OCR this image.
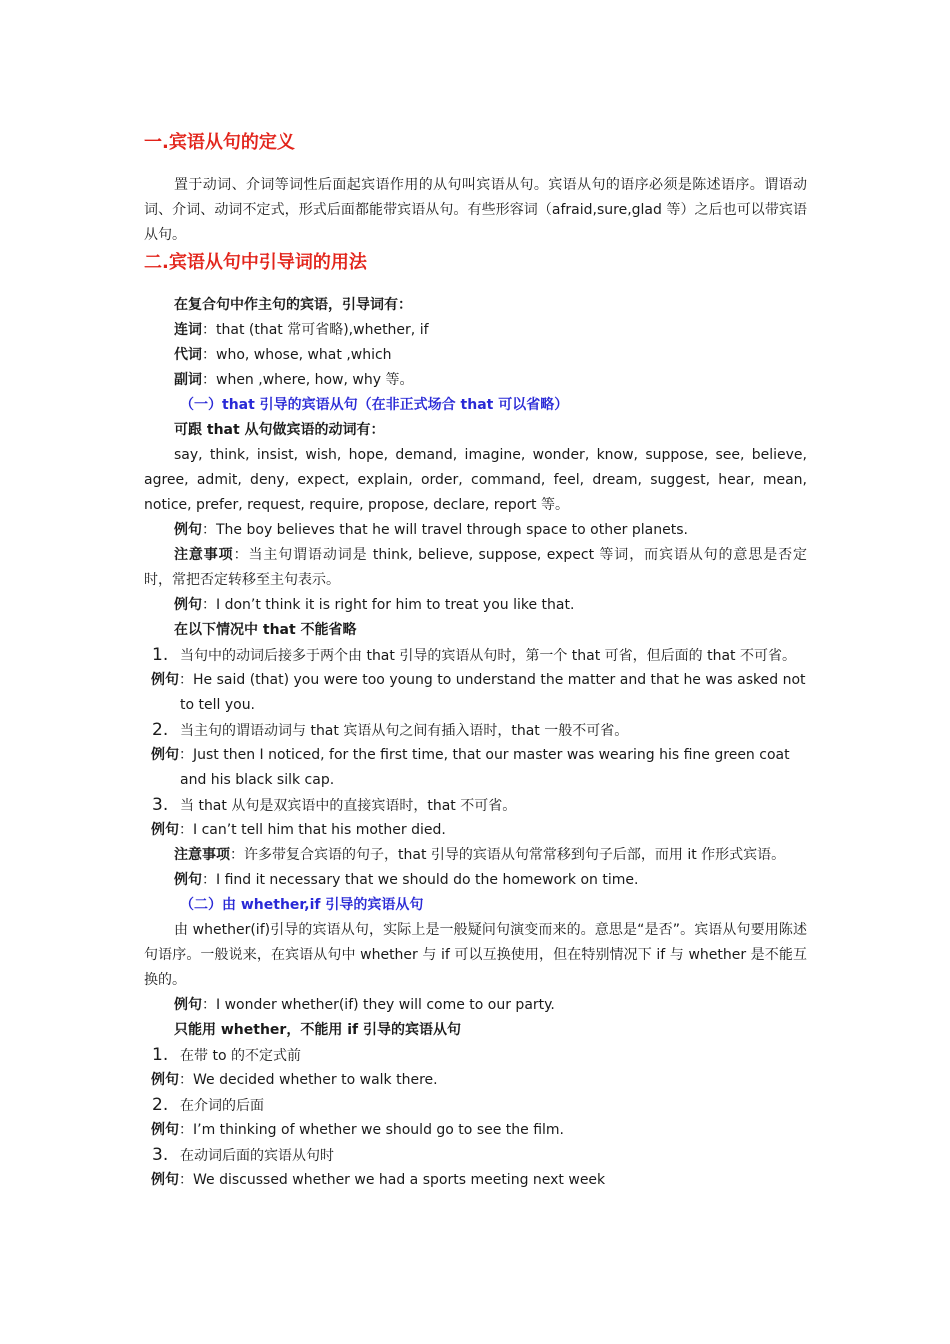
一.宾语从句的定义

置于动词、介词等词性后面起宾语作用的从句叫宾语从句。宾语从句的语序必须是陈述语序。谓语动词、介词、动词不定式，形式后面都能带宾语从句。有些形容词（afraid,sure,glad 等）之后也可以带宾语从句。

二.宾语从句中引导词的用法

在复合句中作主句的宾语，引导词有：

连词：that (that 常可省略),whether, if

代词：who, whose, what ,which

副词：when ,where, how, why 等。

（一）that 引导的宾语从句（在非正式场合 that 可以省略）

可跟 that 从句做宾语的动词有：

say, think, insist, wish, hope, demand, imagine, wonder, know, suppose, see, believe, agree, admit, deny, expect, explain, order, command, feel, dream, suggest, hear, mean, notice, prefer, request, require, propose, declare, report 等。

例句：The boy believes that he will travel through space to other planets.

注意事项：当主句谓语动词是 think, believe, suppose, expect 等词，而宾语从句的意思是否定时，常把否定转移至主句表示。

例句：I don’t think it is right for him to treat you like that.

在以下情况中 that 不能省略

1. 当句中的动词后接多于两个由 that 引导的宾语从句时，第一个 that 可省，但后面的 that 不可省。

例句：He said (that) you were too young to understand the matter and that he was asked not to tell you.

2. 当主句的谓语动词与 that 宾语从句之间有插入语时，that 一般不可省。

例句：Just then I noticed, for the first time, that our master was wearing his fine green coat and his black silk cap.

3. 当 that 从句是双宾语中的直接宾语时，that 不可省。

例句：I can’t tell him that his mother died.

注意事项：许多带复合宾语的句子，that 引导的宾语从句常常移到句子后部，而用 it 作形式宾语。

例句：I find it necessary that we should do the homework on time.

（二）由 whether,if 引导的宾语从句

由 whether(if)引导的宾语从句，实际上是一般疑问句演变而来的。意思是“是否”。宾语从句要用陈述句语序。一般说来，在宾语从句中 whether 与 if 可以互换使用，但在特别情况下 if 与 whether 是不能互换的。

例句：I wonder whether(if) they will come to our party.

只能用 whether，不能用 if 引导的宾语从句

1. 在带 to 的不定式前

例句：We decided whether to walk there.

2. 在介词的后面

例句：I’m thinking of whether we should go to see the film.

3. 在动词后面的宾语从句时

例句：We discussed whether we had a sports meeting next week
